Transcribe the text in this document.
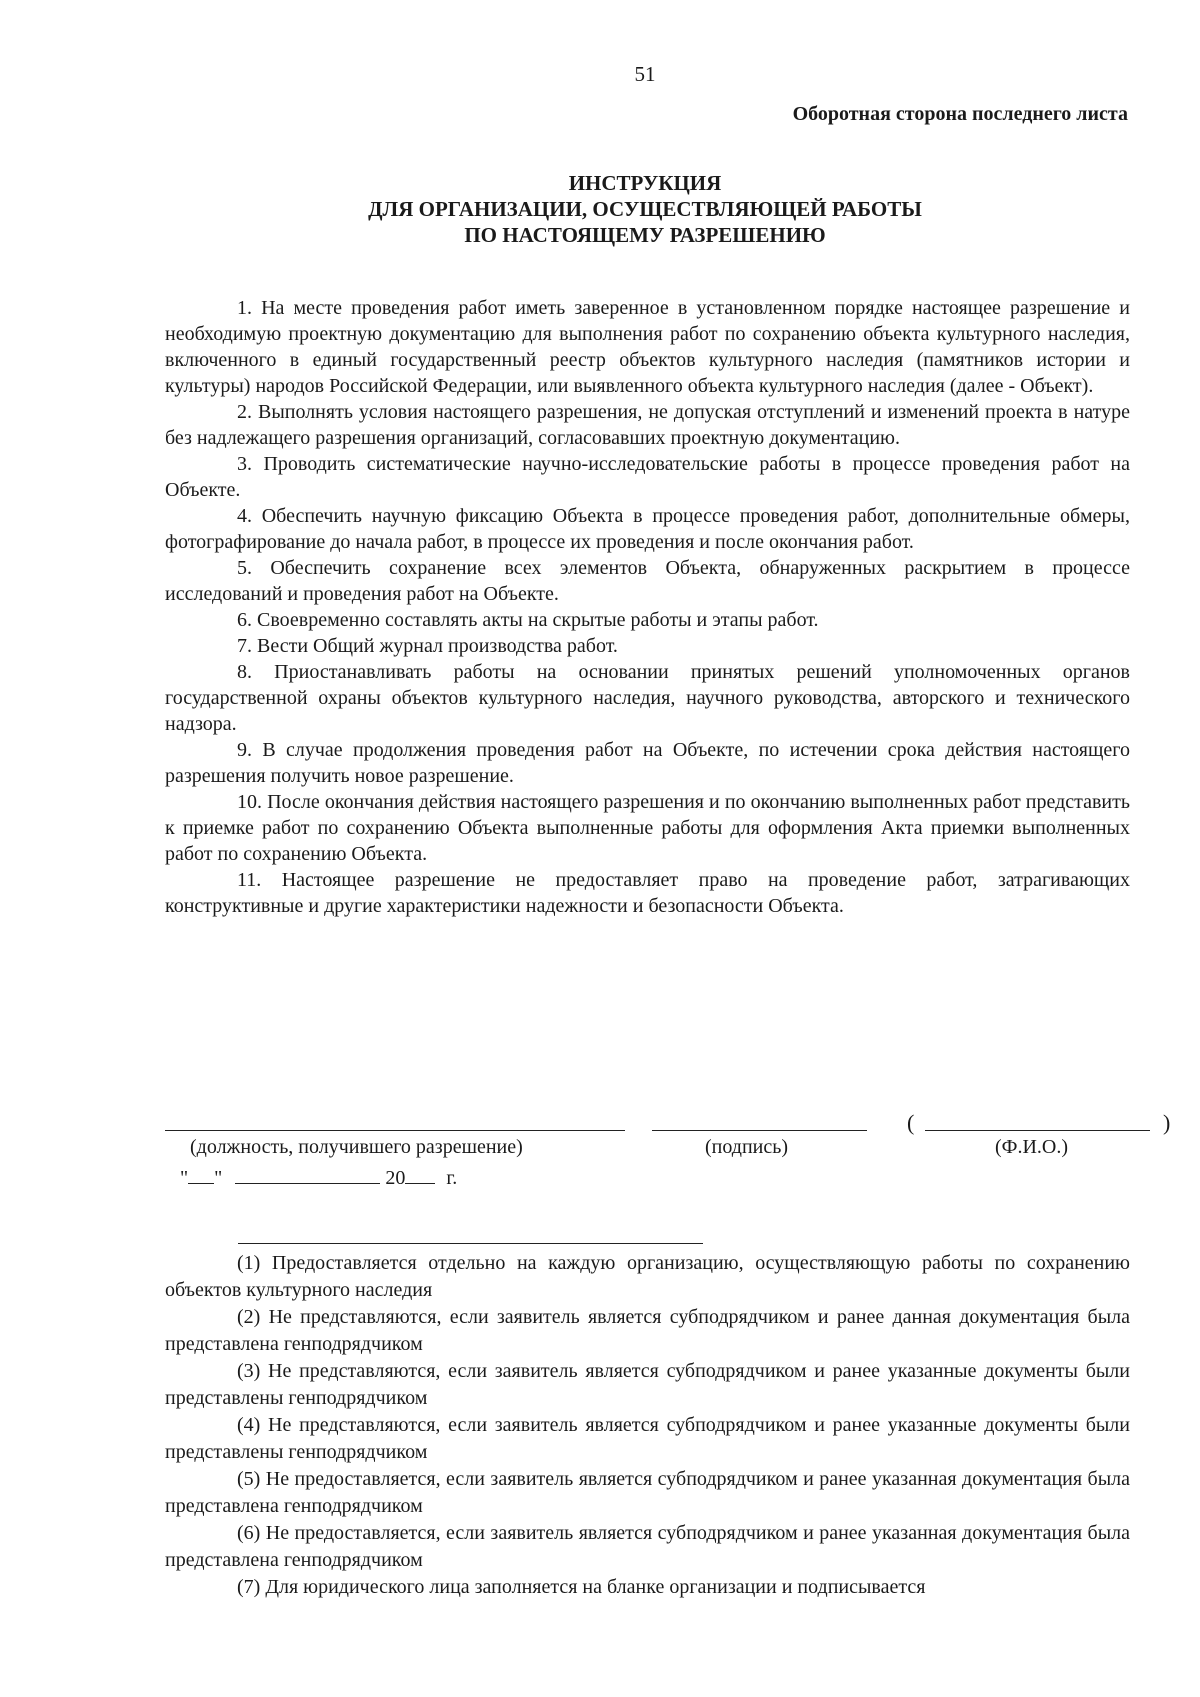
51
Оборотная сторона последнего листа
ИНСТРУКЦИЯ
ДЛЯ ОРГАНИЗАЦИИ, ОСУЩЕСТВЛЯЮЩЕЙ РАБОТЫ
ПО НАСТОЯЩЕМУ РАЗРЕШЕНИЮ

1. На месте проведения работ иметь заверенное в установленном порядке настоящее разрешение и необходимую проектную документацию для выполнения работ по сохранению объекта культурного наследия, включенного в единый государственный реестр объектов культурного наследия (памятников истории и культуры) народов Российской Федерации, или выявленного объекта культурного наследия (далее - Объект).

2. Выполнять условия настоящего разрешения, не допуская отступлений и изменений проекта в натуре без надлежащего разрешения организаций, согласовавших проектную документацию.

3. Проводить систематические научно-исследовательские работы в процессе проведения работ на Объекте.

4. Обеспечить научную фиксацию Объекта в процессе проведения работ, дополнительные обмеры, фотографирование до начала работ, в процессе их проведения и после окончания работ.

5. Обеспечить сохранение всех элементов Объекта, обнаруженных раскрытием в процессе исследований и проведения работ на Объекте.

6. Своевременно составлять акты на скрытые работы и этапы работ.

7. Вести Общий журнал производства работ.

8. Приостанавливать работы на основании принятых решений уполномоченных органов государственной охраны объектов культурного наследия, научного руководства, авторского и технического надзора.

9. В случае продолжения проведения работ на Объекте, по истечении срока действия настоящего разрешения получить новое разрешение.

10. После окончания действия настоящего разрешения и по окончанию выполненных работ представить к приемке работ по сохранению Объекта выполненные работы для оформления Акта приемки выполненных работ по сохранению Объекта.

11. Настоящее разрешение не предоставляет право на проведение работ, затрагивающих конструктивные и другие характеристики надежности и безопасности Объекта.

(	)
(должность, получившего разрешение)	(подпись)	(Ф.И.О.)
" "	20 г.

(1) Предоставляется отдельно на каждую организацию, осуществляющую работы по сохранению объектов культурного наследия

(2) Не представляются, если заявитель является субподрядчиком и ранее данная документация была представлена генподрядчиком

(3) Не представляются, если заявитель является субподрядчиком и ранее указанные документы были представлены генподрядчиком

(4) Не представляются, если заявитель является субподрядчиком и ранее указанные документы были представлены генподрядчиком

(5) Не предоставляется, если заявитель является субподрядчиком и ранее указанная документация была представлена генподрядчиком

(6) Не предоставляется, если заявитель является субподрядчиком и ранее указанная документация была представлена генподрядчиком

(7) Для юридического лица заполняется на бланке организации и подписывается
